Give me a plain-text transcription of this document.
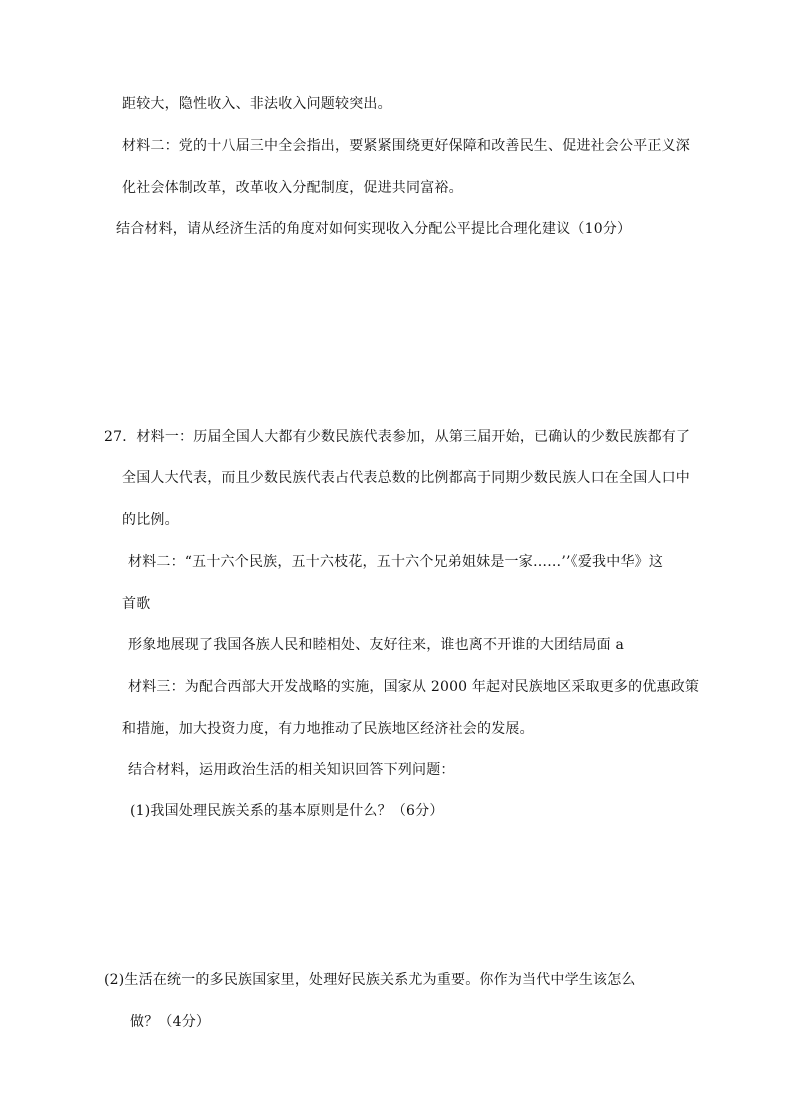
距较大，隐性收入、非法收入问题较突出。
材料二：党的十八届三中全会指出，要紧紧围绕更好保障和改善民生、促进社会公平正义深
化社会体制改革，改革收入分配制度，促进共同富裕。
结合材料，请从经济生活的角度对如何实现收入分配公平提比合理化建议（10分）
27．材料一：历届全国人大都有少数民族代表参加，从第三届开始，已确认的少数民族都有了
全国人大代表，而且少数民族代表占代表总数的比例都高于同期少数民族人口在全国人口中
的比例。
材料二：“五十六个民族，五十六枝花，五十六个兄弟姐妹是一家……’’《爱我中华》这
首歌
形象地展现了我国各族人民和睦相处、友好往来，谁也离不开谁的大团结局面 a
材料三：为配合西部大开发战略的实施，国家从 2000 年起对民族地区采取更多的优惠政策
和措施，加大投资力度，有力地推动了民族地区经济社会的发展。
结合材料，运用政治生活的相关知识回答下列问题：
(1)我国处理民族关系的基本原则是什么？（6分）
(2)生活在统一的多民族国家里，处理好民族关系尤为重要。你作为当代中学生该怎么
做？（4分）
